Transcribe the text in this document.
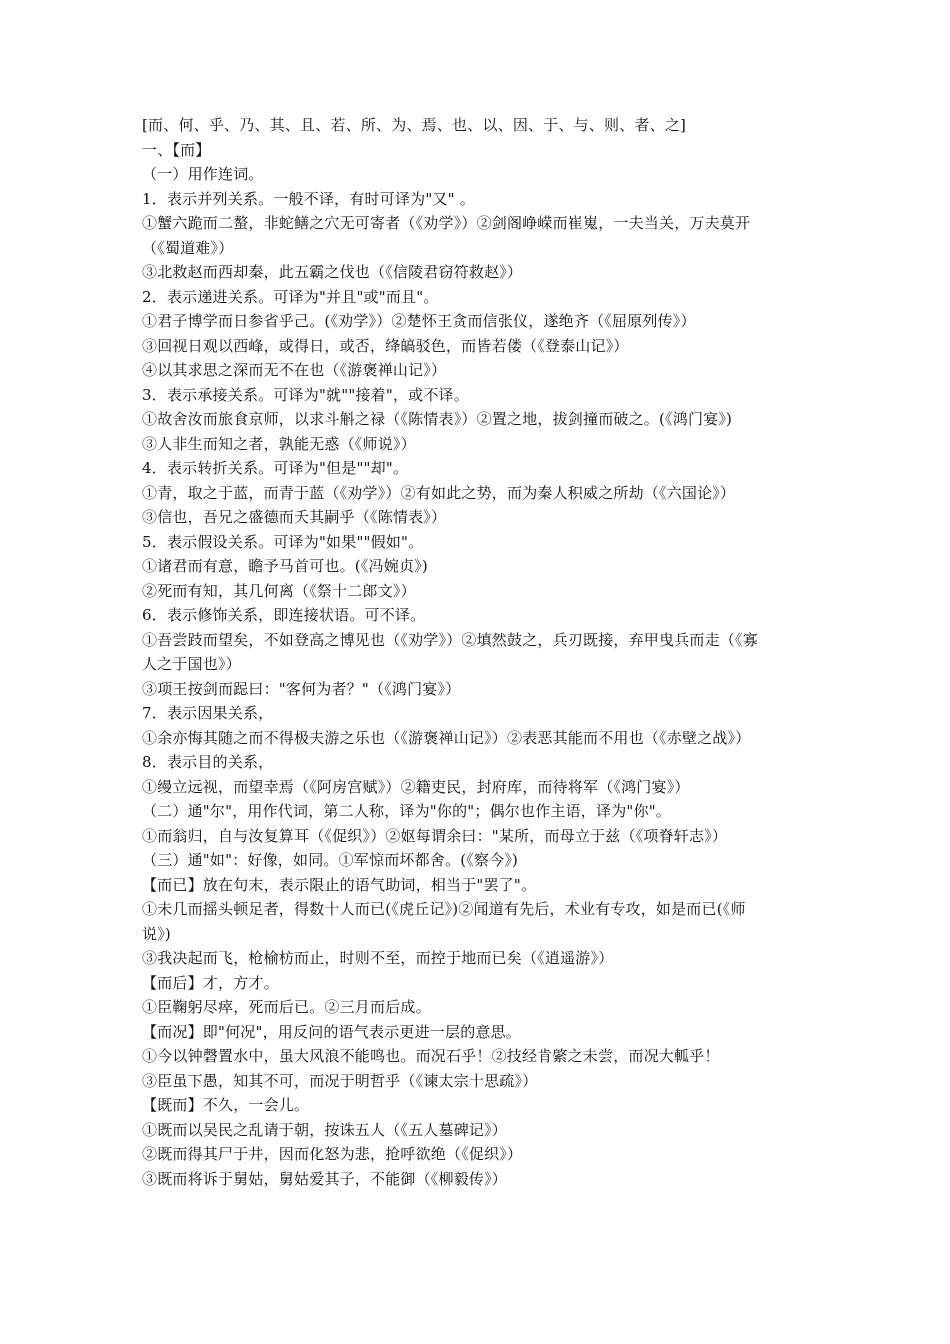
[而、何、乎、乃、其、且、若、所、为、焉、也、以、因、于、与、则、者、之]
一、【而】
（一）用作连词。
1．表示并列关系。一般不译，有时可译为"又" 。
①蟹六跪而二螯，非蛇鳝之穴无可寄者（《劝学》）②剑阁峥嵘而崔嵬，一夫当关，万夫莫开
（《蜀道难》）
③北救赵而西却秦，此五霸之伐也（《信陵君窃符救赵》）
2．表示递进关系。可译为"并且"或"而且"。
①君子博学而日参省乎己。(《劝学》）②楚怀王贪而信张仪，遂绝齐（《屈原列传》）
③回视日观以西峰，或得日，或否，绛皜驳色，而皆若偻（《登泰山记》）
④以其求思之深而无不在也（《游褒禅山记》）
3．表示承接关系。可译为"就""接着"，或不译。
①故舍汝而旅食京师，以求斗斛之禄（《陈情表》）②置之地，拔剑撞而破之。(《鸿门宴》)
③人非生而知之者，孰能无惑（《师说》）
4．表示转折关系。可译为"但是""却"。
①青，取之于蓝，而青于蓝（《劝学》）②有如此之势，而为秦人积威之所劫（《六国论》）
③信也，吾兄之盛德而夭其嗣乎（《陈情表》）
5．表示假设关系。可译为"如果""假如"。
①诸君而有意，瞻予马首可也。(《冯婉贞》)
②死而有知，其几何离（《祭十二郎文》）
6．表示修饰关系，即连接状语。可不译。
①吾尝跂而望矣，不如登高之博见也（《劝学》）②填然鼓之，兵刃既接，弃甲曳兵而走（《寡
人之于国也》）
③项王按剑而跽曰："客何为者？"（《鸿门宴》）
7．表示因果关系，
①余亦悔其随之而不得极夫游之乐也（《游褒禅山记》）②表恶其能而不用也（《赤壁之战》）
8．表示目的关系，
①缦立远视，而望幸焉（《阿房宫赋》）②籍吏民，封府库，而待将军（《鸿门宴》）
（二）通"尔"，用作代词，第二人称，译为"你的"；偶尔也作主语，译为"你"。
①而翁归，自与汝复算耳（《促织》）②妪每谓余曰："某所，而母立于兹（《项脊轩志》）
（三）通"如"：好像，如同。①军惊而坏都舍。(《察今》)
【而已】放在句末，表示限止的语气助词，相当于"罢了"。
①未几而摇头顿足者，得数十人而已(《虎丘记》)②闻道有先后，术业有专攻，如是而已(《师
说》)
③我决起而飞，枪榆枋而止，时则不至，而控于地而已矣（《逍遥游》）
【而后】才，方才。
①臣鞠躬尽瘁，死而后已。②三月而后成。
【而况】即"何况"，用反问的语气表示更进一层的意思。
①今以钟磬置水中，虽大风浪不能鸣也。而况石乎！②技经肯綮之未尝，而况大軱乎！
③臣虽下愚，知其不可，而况于明哲乎（《谏太宗十思疏》）
【既而】不久，一会儿。
①既而以吴民之乱请于朝，按诛五人（《五人墓碑记》）
②既而得其尸于井，因而化怒为悲，抢呼欲绝（《促织》）
③既而将诉于舅姑，舅姑爱其子，不能御（《柳毅传》）
